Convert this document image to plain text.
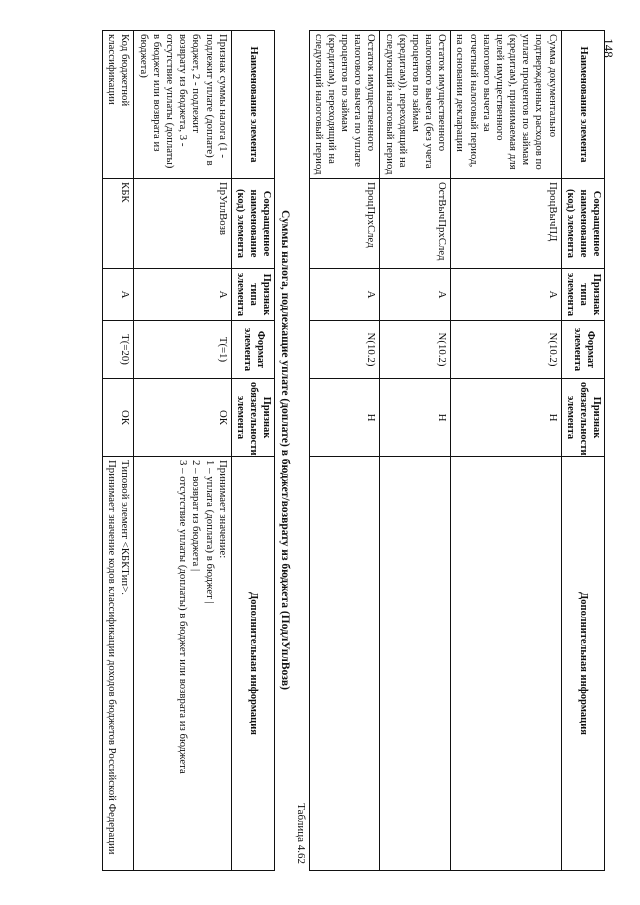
148
Наименование элемента	Сокращенное наименование (код) элемента	Признак типа элемента	Формат элемента	Признак обязательности элемента	Дополнительная информация
Сумма документально подтвержденных расходов по уплате процентов по займам (кредитам), принимаемая для целей имущественного налогового вычета за отчетный налоговый период, на основании декларации	ПроцВычПД	А	N(10.2)	Н	
Остаток имущественного налогового вычета (без учета процентов по займам (кредитам)), переходящий на следующий налоговый период	ОстВычПрхСлед	А	N(10.2)	Н	
Остаток имущественного налогового вычета по уплате процентов по займам (кредитам), переходящий на следующий налоговый период	ПроцПрхСлед	А	N(10.2)	Н	
Таблица 4.62
Суммы налога, подлежащие уплате (доплате) в бюджет/возврату из бюджета (ПодлУплВозв)
Наименование элемента	Сокращенное наименование (код) элемента	Признак типа элемента	Формат элемента	Признак обязательности элемента	Дополнительная информация
Признак суммы налога (1 - подлежит уплате (доплате) в бюджет, 2 - подлежит возврату из бюджета, 3 - отсутствие уплаты (доплаты) в бюджет или возврата из бюджета)	ПрУплВозв	А	T(=1)	ОК	Принимает значение:
1 – уплата (доплата) в бюджет |
2 – возврат из бюджета |
3 – отсутствие уплаты (доплаты) в бюджет или возврата из бюджета
Код бюджетной классификации	КБК	А	T(=20)	ОК	Типовой элемент <КБКТип>.
Принимает значение кодов классификации доходов бюджетов Российской Федерации
